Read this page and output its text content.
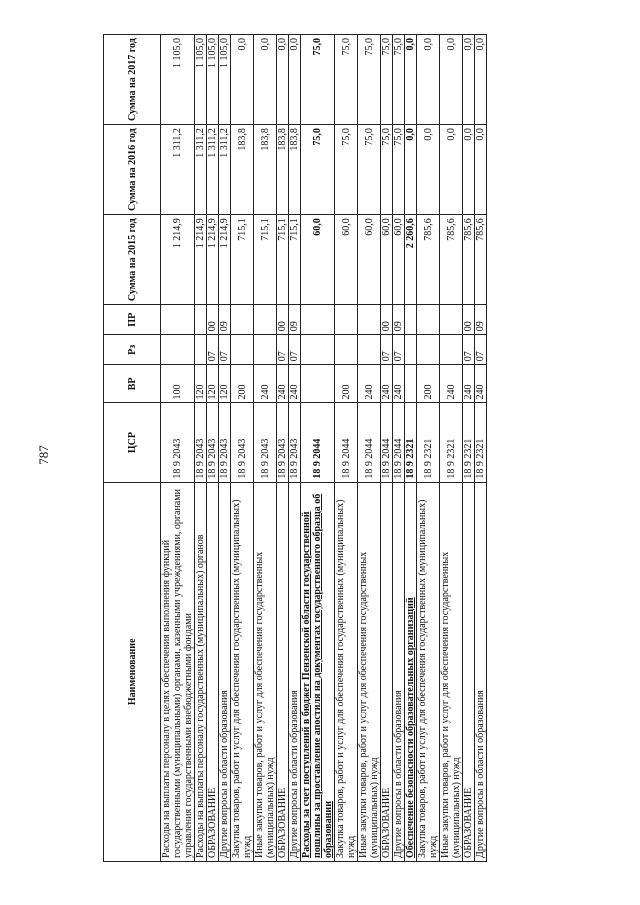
787
Наименование	ЦСР	ВР	Рз	ПР	Сумма на 2015 год	Сумма на 2016 год	Сумма на 2017 год
Расходы на выплаты персоналу в целях обеспечения выполнения функций государственными (муниципальными) органами, казенными учреждениями, органами управления государственными внебюджетными фондами	18 9 2043	100			1 214,9	1 311,2	1 105,0
Расходы на выплаты персоналу государственных (муниципальных) органов	18 9 2043	120			1 214,9	1 311,2	1 105,0
ОБРАЗОВАНИЕ	18 9 2043	120	07	00	1 214,9	1 311,2	1 105,0
Другие вопросы в области образования	18 9 2043	120	07	09	1 214,9	1 311,2	1 105,0
Закупка товаров, работ и услуг для обеспечения государственных (муниципальных) нужд	18 9 2043	200			715,1	183,8	0,0
Иные закупки товаров, работ и услуг для обеспечения государственных (муниципальных) нужд	18 9 2043	240			715,1	183,8	0,0
ОБРАЗОВАНИЕ	18 9 2043	240	07	00	715,1	183,8	0,0
Другие вопросы в области образования	18 9 2043	240	07	09	715,1	183,8	0,0
Расходы за счет поступлений в бюджет Пензенской области государственной пошлины за проставление апостиля на документах государственного образца об образовании	18 9 2044				60,0	75,0	75,0
Закупка товаров, работ и услуг для обеспечения государственных (муниципальных) нужд	18 9 2044	200			60,0	75,0	75,0
Иные закупки товаров, работ и услуг для обеспечения государственных (муниципальных) нужд	18 9 2044	240			60,0	75,0	75,0
ОБРАЗОВАНИЕ	18 9 2044	240	07	00	60,0	75,0	75,0
Другие вопросы в области образования	18 9 2044	240	07	09	60,0	75,0	75,0
Обеспечение безопасности образовательных организаций	18 9 2321				2 260,6	0,0	0,0
Закупка товаров, работ и услуг для обеспечения государственных (муниципальных) нужд	18 9 2321	200			785,6	0,0	0,0
Иные закупки товаров, работ и услуг для обеспечения государственных (муниципальных) нужд	18 9 2321	240			785,6	0,0	0,0
ОБРАЗОВАНИЕ	18 9 2321	240	07	00	785,6	0,0	0,0
Другие вопросы в области образования	18 9 2321	240	07	09	785,6	0,0	0,0
